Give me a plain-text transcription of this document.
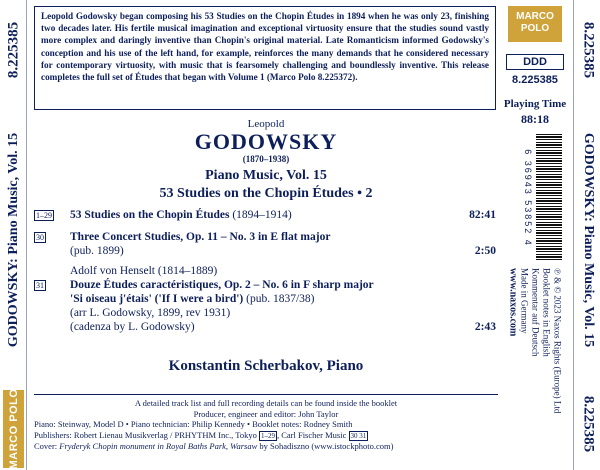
8.225385
GODOWSKY: Piano Music, Vol. 15
MARCO POLO
8.225385
GODOWSKY: Piano Music, Vol. 15
8.225385
Leopold Godowsky began composing his 53 Studies on the Chopin Études in 1894 when he was only 23, finishing two decades later. His fertile musical imagination and exceptional virtuosity ensure that the studies sound vastly more complex and daringly inventive than Chopin's original material. Late Romanticism informed Godowsky's conception and his use of the left hand, for example, reinforces the many demands that he considered necessary for contemporary virtuosity, with music that is fearsomely challenging and boundlessly inventive. This release completes the full set of Études that began with Volume 1 (Marco Polo 8.225372).
MARCO
POLO
DDD
8.225385
Playing Time
88:18
6 36943 53852 4
℗ & © 2023 Naxos Rights (Europe) Ltd
Booklet notes in English
Kommentar auf Deutsch
Made in Germany
www.naxos.com
Leopold
GODOWSKY
(1870–1938)
Piano Music, Vol. 15
53 Studies on the Chopin Études • 2
1–29 53 Studies on the Chopin Études (1894–1914)	82:41
30 Three Concert Studies, Op. 11 – No. 3 in E flat major
(pub. 1899)	2:50
Adolf von Henselt (1814–1889)
31 Douze Études caractéristiques, Op. 2 – No. 6 in F sharp major
'Si oiseau j'étais' ('If I were a bird') (pub. 1837/38)
(arr L. Godowsky, 1899, rev 1931)
(cadenza by L. Godowsky)	2:43
Konstantin Scherbakov, Piano
A detailed track list and full recording details can be found inside the booklet
Producer, engineer and editor: John Taylor
Piano: Steinway, Model D • Piano technician: Philip Kennedy • Booklet notes: Rodney Smith
Publishers: Robert Lienau Musikverlag / PRHYTHM Inc., Tokyo 1–29 , Carl Fischer Music 30 31
Cover: Fryderyk Chopin monument in Royal Baths Park, Warsaw by Sohadiszno (www.istockphoto.com)
